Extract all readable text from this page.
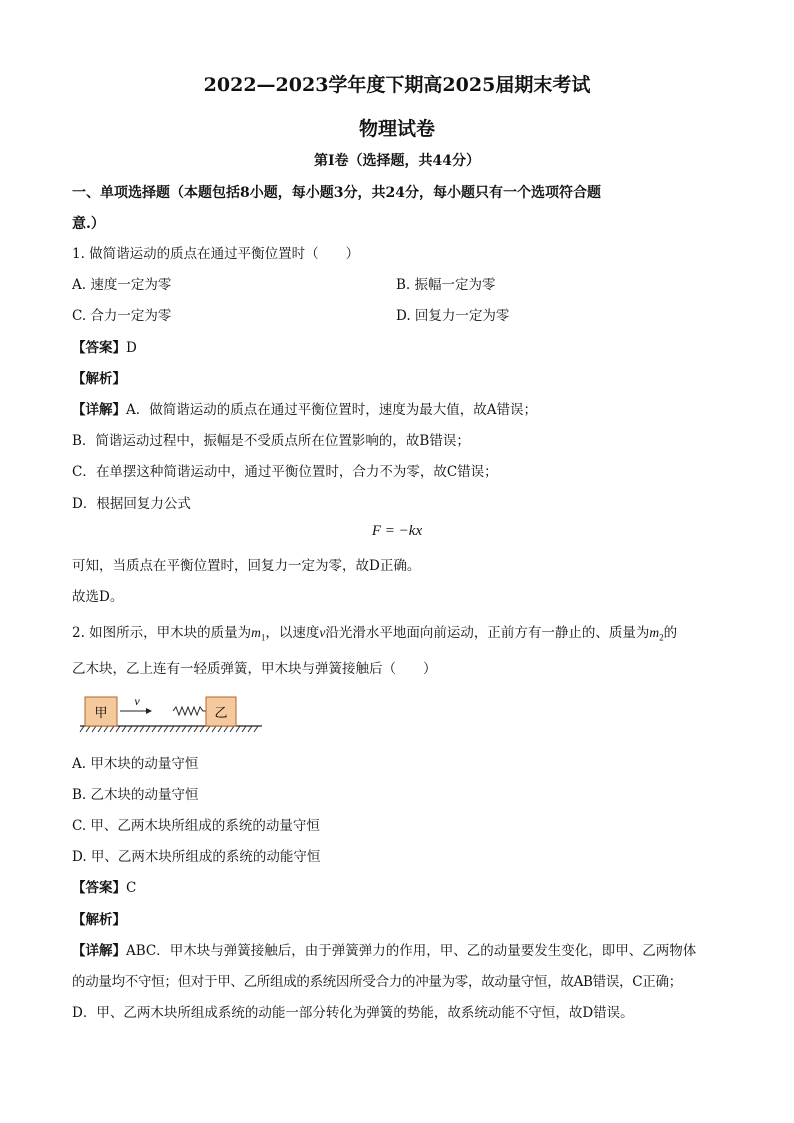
2022—2023学年度下期高2025届期末考试
物理试卷
第Ⅰ卷（选择题，共44分）
一、单项选择题（本题包括8小题，每小题3分，共24分，每小题只有一个选项符合题
意.）
1. 做简谐运动的质点在通过平衡位置时（　　）
A. 速度一定为零	B. 振幅一定为零
C. 合力一定为零	D. 回复力一定为零
【答案】D
【解析】
【详解】A．做简谐运动的质点在通过平衡位置时，速度为最大值，故A错误；
B．简谐运动过程中，振幅是不受质点所在位置影响的，故B错误；
C．在单摆这种简谐运动中，通过平衡位置时，合力不为零，故C错误；
D．根据回复力公式
F = −kx
可知，当质点在平衡位置时，回复力一定为零，故D正确。
故选D。
2. 如图所示，甲木块的质量为$m_1$，以速度v沿光滑水平地面向前运动，正前方有一静止的、质量为$m_2$的
乙木块，乙上连有一轻质弹簧，甲木块与弹簧接触后（　　）
甲
v
乙
A. 甲木块的动量守恒
B. 乙木块的动量守恒
C. 甲、乙两木块所组成的系统的动量守恒
D. 甲、乙两木块所组成的系统的动能守恒
【答案】C
【解析】
【详解】ABC．甲木块与弹簧接触后，由于弹簧弹力的作用，甲、乙的动量要发生变化，即甲、乙两物体
的动量均不守恒；但对于甲、乙所组成的系统因所受合力的冲量为零，故动量守恒，故AB错误，C正确；
D．甲、乙两木块所组成系统的动能一部分转化为弹簧的势能，故系统动能不守恒，故D错误。
